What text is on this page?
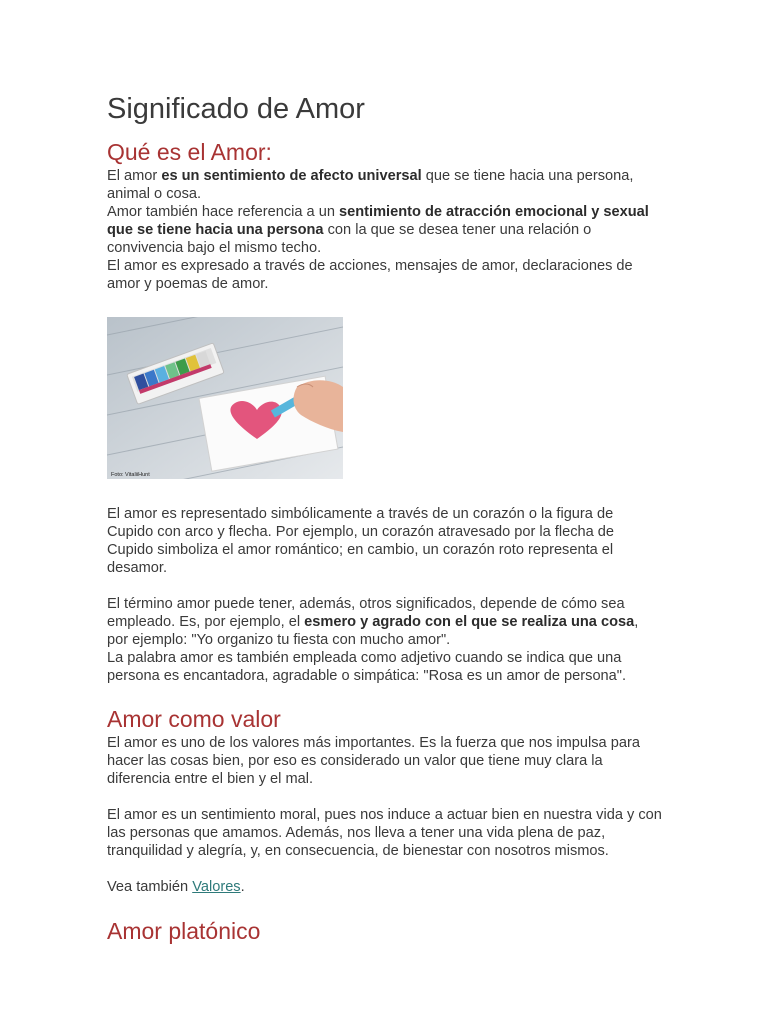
Significado de Amor
Qué es el Amor:

El amor es un sentimiento de afecto universal que se tiene hacia una persona, animal o cosa.

Amor también hace referencia a un sentimiento de atracción emocional y sexual que se tiene hacia una persona con la que se desea tener una relación o convivencia bajo el mismo techo.

El amor es expresado a través de acciones, mensajes de amor, declaraciones de amor y poemas de amor.

Foto: VitaliiHunt

El amor es representado simbólicamente a través de un corazón o la figura de Cupido con arco y flecha. Por ejemplo, un corazón atravesado por la flecha de Cupido simboliza el amor romántico; en cambio, un corazón roto representa el desamor.

El término amor puede tener, además, otros significados, depende de cómo sea empleado. Es, por ejemplo, el esmero y agrado con el que se realiza una cosa, por ejemplo: "Yo organizo tu fiesta con mucho amor".

La palabra amor es también empleada como adjetivo cuando se indica que una persona es encantadora, agradable o simpática: "Rosa es un amor de persona".

Amor como valor

El amor es uno de los valores más importantes. Es la fuerza que nos impulsa para hacer las cosas bien, por eso es considerado un valor que tiene muy clara la diferencia entre el bien y el mal.

El amor es un sentimiento moral, pues nos induce a actuar bien en nuestra vida y con las personas que amamos. Además, nos lleva a tener una vida plena de paz, tranquilidad y alegría, y, en consecuencia, de bienestar con nosotros mismos.

Vea también Valores.

Amor platónico
